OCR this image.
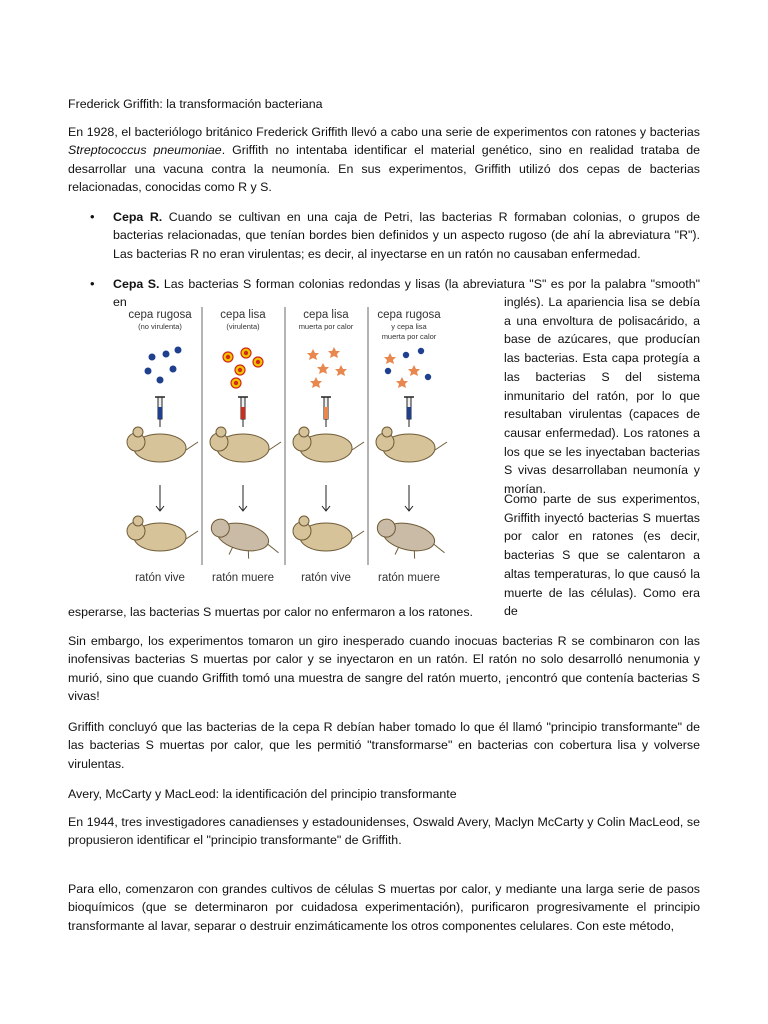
Frederick Griffith: la transformación bacteriana

En 1928, el bacteriólogo británico Frederick Griffith llevó a cabo una serie de experimentos con ratones y bacterias Streptococcus pneumoniae. Griffith no intentaba identificar el material genético, sino en realidad trataba de desarrollar una vacuna contra la neumonía. En sus experimentos, Griffith utilizó dos cepas de bacterias relacionadas, conocidas como R y S.

• Cepa R. Cuando se cultivan en una caja de Petri, las bacterias R formaban colonias, o grupos de bacterias relacionadas, que tenían bordes bien definidos y un aspecto rugoso (de ahí la abreviatura "R"). Las bacterias R no eran virulentas; es decir, al inyectarse en un ratón no causaban enfermedad.

• Cepa S. Las bacterias S forman colonias redondas y lisas (la abreviatura "S" es por la palabra "smooth" en	inglés). La apariencia lisa se debía a una envoltura de polisacárido, a base de azúcares, que producían las bacterias. Esta capa protegía a las bacterias S del sistema inmunitario del ratón, por lo que resultaban virulentas (capaces de causar enfermedad). Los ratones a los que se les inyectaban bacterias S vivas desarrollaban neumonía y morían.

Como parte de sus experimentos, Griffith inyectó bacterias S muertas por calor en ratones (es decir, bacterias S que se calentaron a altas temperaturas, lo que causó la muerte de las células). Como era de

esperarse, las bacterias S muertas por calor no enfermaron a los ratones.

Sin embargo, los experimentos tomaron un giro inesperado cuando inocuas bacterias R se combinaron con las inofensivas bacterias S muertas por calor y se inyectaron en un ratón. El ratón no solo desarrolló nenumonia y murió, sino que cuando Griffith tomó una muestra de sangre del ratón muerto, ¡encontró que contenía bacterias S vivas!

Griffith concluyó que las bacterias de la cepa R debían haber tomado lo que él llamó "principio transformante" de las bacterias S muertas por calor, que les permitió "transformarse" en bacterias con cobertura lisa y volverse virulentas.

Avery, McCarty y MacLeod: la identificación del principio transformante

En 1944, tres investigadores canadienses y estadounidenses, Oswald Avery, Maclyn McCarty y Colin MacLeod, se propusieron identificar el "principio transformante" de Griffith.

Para ello, comenzaron con grandes cultivos de células S muertas por calor, y mediante una larga serie de pasos bioquímicos (que se determinaron por cuidadosa experimentación), purificaron progresivamente el principio transformante al lavar, separar o destruir enzimáticamente los otros componentes celulares. Con este método,

cepa rugosa
(no virulenta)
cepa lisa
(virulenta)
cepa lisa
muerta por calor
cepa rugosa
y cepa lisa
muerta por calor
ratón vive ratón muere ratón vive ratón muere
